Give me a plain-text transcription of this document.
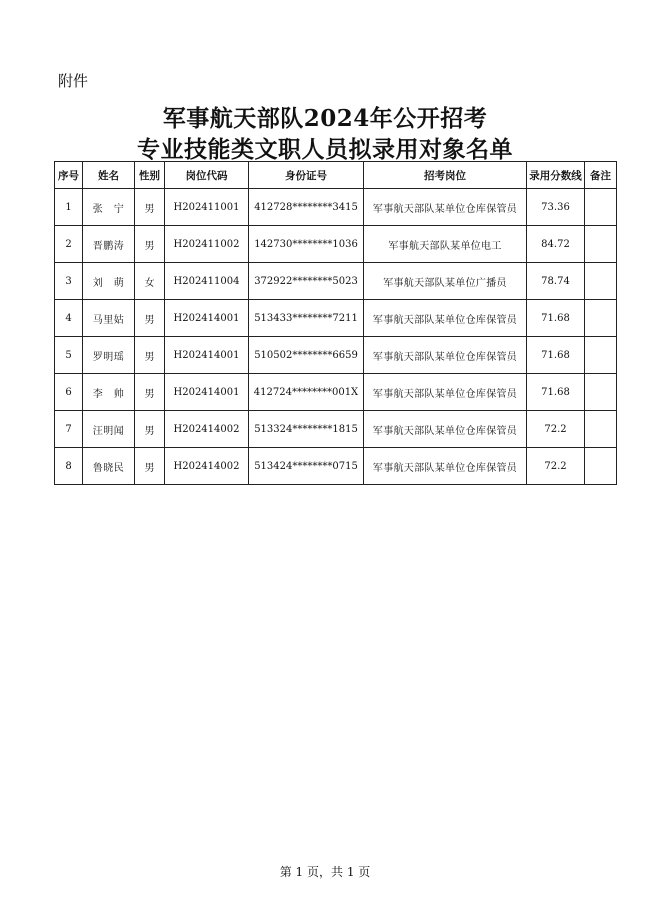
附件
军事航天部队2024年公开招考
专业技能类文职人员拟录用对象名单
序号	姓名	性别	岗位代码	身份证号	招考岗位	录用分数线	备注
1	张　宁	男	H202411001	412728********3415	军事航天部队某单位仓库保管员	73.36	
2	晋鹏涛	男	H202411002	142730********1036	军事航天部队某单位电工	84.72	
3	刘　萌	女	H202411004	372922********5023	军事航天部队某单位广播员	78.74	
4	马里姑	男	H202414001	513433********7211	军事航天部队某单位仓库保管员	71.68	
5	罗明瑶	男	H202414001	510502********6659	军事航天部队某单位仓库保管员	71.68	
6	李　帅	男	H202414001	412724********001X	军事航天部队某单位仓库保管员	71.68	
7	汪明闻	男	H202414002	513324********1815	军事航天部队某单位仓库保管员	72.2	
8	鲁晓民	男	H202414002	513424********0715	军事航天部队某单位仓库保管员	72.2	
第 1 页，共 1 页
